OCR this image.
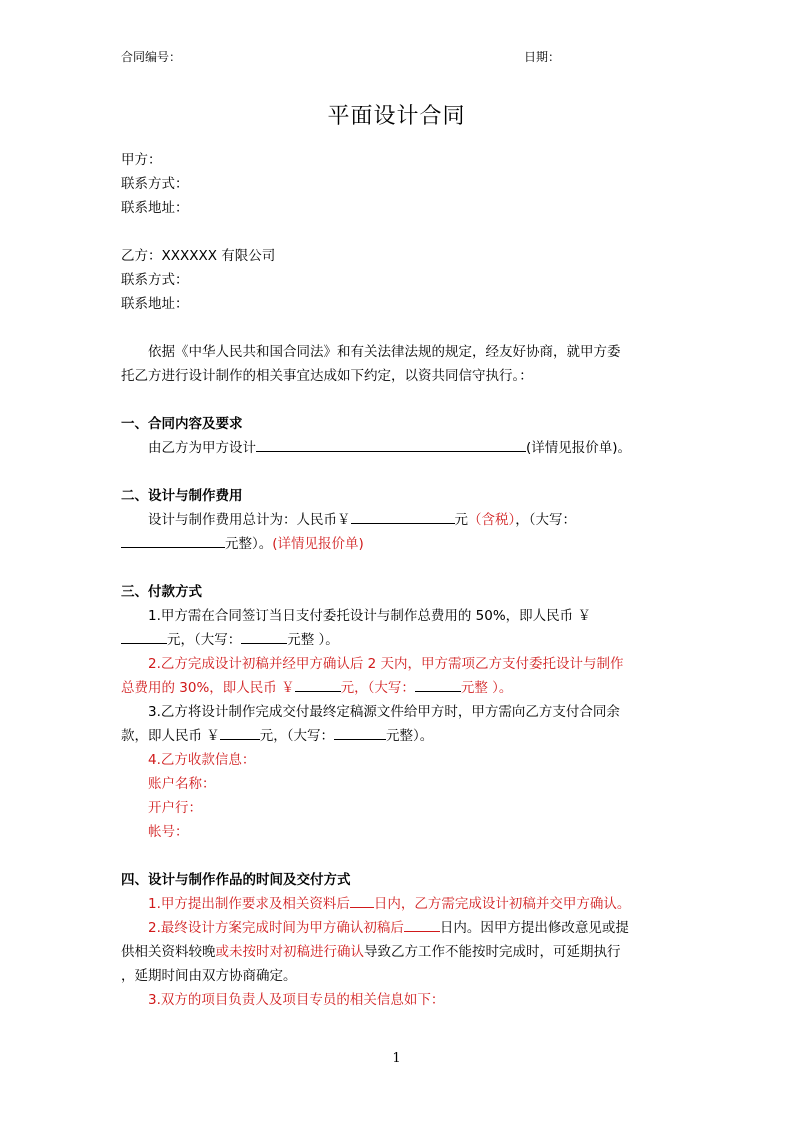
合同编号：	日期：
平面设计合同
甲方：
联系方式：
联系地址：
乙方：XXXXXX 有限公司
联系方式：
联系地址：
依据《中华人民共和国合同法》和有关法律法规的规定，经友好协商，就甲方委
托乙方进行设计制作的相关事宜达成如下约定，以资共同信守执行。：
一、合同内容及要求
由乙方为甲方设计	(详情见报价单)。
二、设计与制作费用
设计与制作费用总计为：人民币￥	元（含税），（大写：
元整）。(详情见报价单)
三、付款方式
1.甲方需在合同签订当日支付委托设计与制作总费用的 50%，即人民币 ￥
元，（大写：	元整 ）。
2.乙方完成设计初稿并经甲方确认后 2 天内，甲方需项乙方支付委托设计与制作
总费用的 30%，即人民币 ￥	元，（大写：	元整 ）。
3.乙方将设计制作完成交付最终定稿源文件给甲方时，甲方需向乙方支付合同余
款，即人民币 ￥	元，（大写：	元整）。
4.乙方收款信息：
账户名称：
开户行：
帐号：
四、设计与制作作品的时间及交付方式
1.甲方提出制作要求及相关资料后 日内，乙方需完成设计初稿并交甲方确认。
2.最终设计方案完成时间为甲方确认初稿后	日内。因甲方提出修改意见或提
供相关资料较晚或未按时对初稿进行确认导致乙方工作不能按时完成时，可延期执行
，延期时间由双方协商确定。
3.双方的项目负责人及项目专员的相关信息如下：
1
